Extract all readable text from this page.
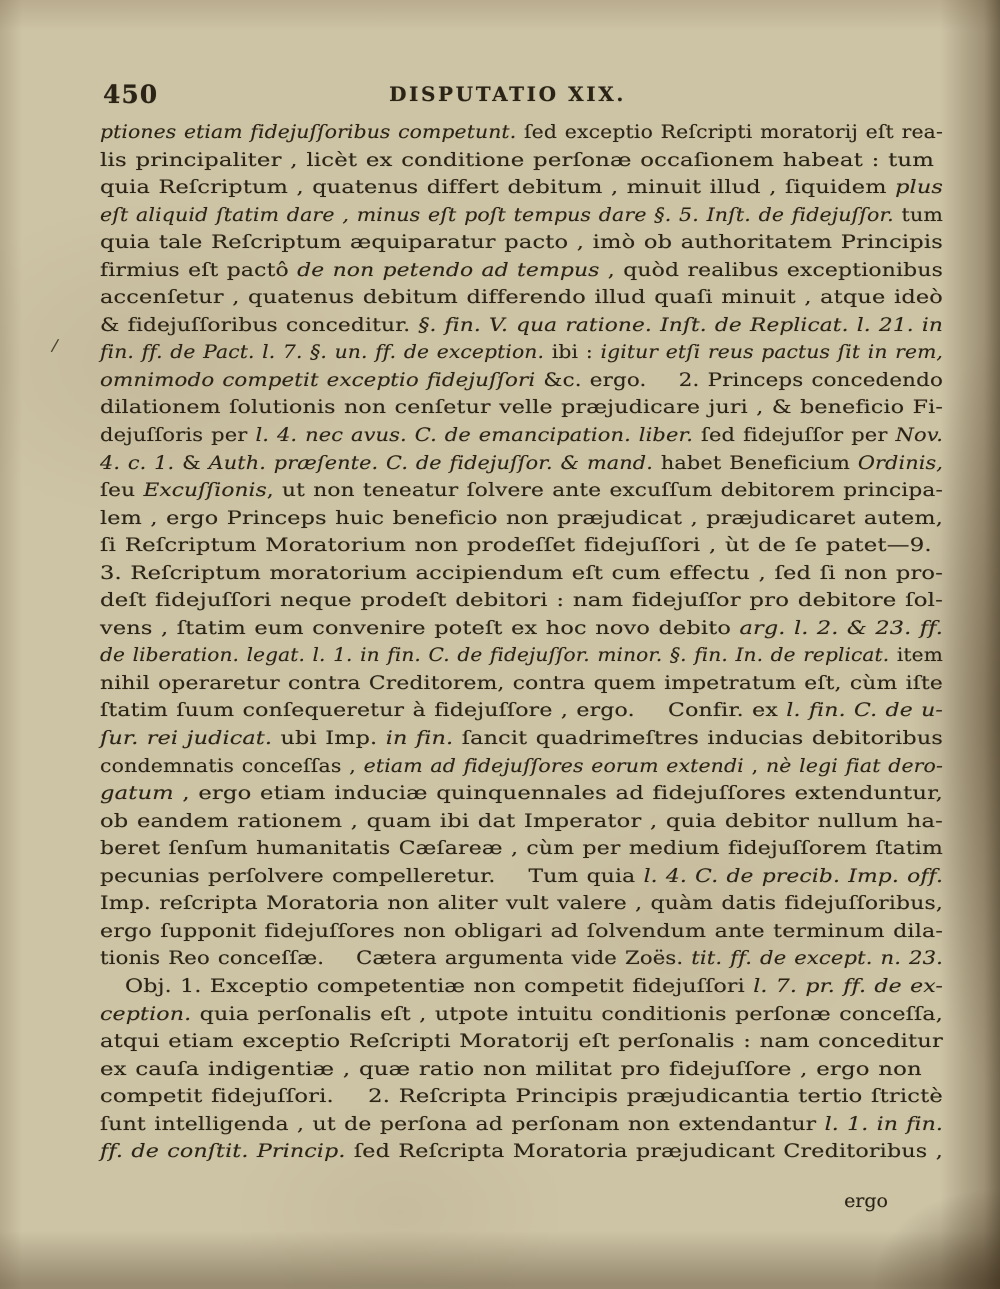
450	DISPUTATIO XIX.
/
ptiones etiam fidejuſſoribus competunt. ſed exceptio Reſcripti moratorij eſt rea-
lis principaliter , licèt ex conditione perſonæ occaſionem habeat : tum
quia Reſcriptum , quatenus differt debitum , minuit illud , ſiquidem plus
eſt aliquid ſtatim dare , minus eſt poſt tempus dare §. 5. Inſt. de fidejuſſor. tum
quia tale Reſcriptum æquiparatur pacto , imò ob authoritatem Principis
firmius eſt pactô de non petendo ad tempus , quòd realibus exceptionibus
accenſetur , quatenus debitum differendo illud quaſi minuit , atque ideò
& fidejuſſoribus conceditur. §. fin. V. qua ratione. Inſt. de Replicat. l. 21. in
fin. ff. de Pact. l. 7. §. un. ff. de exception. ibi : igitur etſi reus pactus ſit in rem,
omnimodo competit exceptio fidejuſſori &c. ergo.    2. Princeps concedendo
dilationem ſolutionis non cenſetur velle præjudicare juri , & beneficio Fi-
dejuſſoris per l. 4. nec avus. C. de emancipation. liber. ſed fidejuſſor per Nov.
4. c. 1. & Auth. præſente. C. de fidejuſſor. & mand. habet Beneficium Ordinis,
ſeu Excuſſionis, ut non teneatur ſolvere ante excuſſum debitorem principa-
lem , ergo Princeps huic beneficio non præjudicat , præjudicaret autem,
ſi Reſcriptum Moratorium non prodeſſet fidejuſſori , ùt de ſe patet—9.
3. Reſcriptum moratorium accipiendum eſt cum effectu , ſed ſi non pro-
deſt fidejuſſori neque prodeſt debitori : nam fidejuſſor pro debitore ſol-
vens , ſtatim eum convenire poteſt ex hoc novo debito arg. l. 2. & 23. ff.
de liberation. legat. l. 1. in fin. C. de fidejuſſor. minor. §. fin. In. de replicat. item
nihil operaretur contra Creditorem, contra quem impetratum eſt, cùm iſte
ſtatim ſuum conſequeretur à fidejuſſore , ergo.    Confir. ex l. fin. C. de u-
ſur. rei judicat. ubi Imp. in fin. ſancit quadrimeſtres inducias debitoribus
condemnatis conceſſas , etiam ad fidejuſſores eorum extendi , nè legi fiat dero-
gatum , ergo etiam induciæ quinquennales ad fidejuſſores extenduntur,
ob eandem rationem , quam ibi dat Imperator , quia debitor nullum ha-
beret ſenſum humanitatis Cæſareæ , cùm per medium fidejuſſorem ſtatim
pecunias perſolvere compelleretur.    Tum quia l. 4. C. de precib. Imp. off.
Imp. reſcripta Moratoria non aliter vult valere , quàm datis fidejuſſoribus,
ergo ſupponit fidejuſſores non obligari ad ſolvendum ante terminum dila-
tionis Reo conceſſæ.    Cætera argumenta vide Zoës. tit. ff. de except. n. 23.
Obj. 1. Exceptio competentiæ non competit fidejuſſori l. 7. pr. ff. de ex-
ception. quia perſonalis eſt , utpote intuitu conditionis perſonæ conceſſa,
atqui etiam exceptio Reſcripti Moratorij eſt perſonalis : nam conceditur
ex cauſa indigentiæ , quæ ratio non militat pro fidejuſſore , ergo non
competit fidejuſſori.    2. Reſcripta Principis præjudicantia tertio ſtrictè
ſunt intelligenda , ut de perſona ad perſonam non extendantur l. 1. in fin.
ff. de conſtit. Princip. ſed Reſcripta Moratoria præjudicant Creditoribus ,
ergo
